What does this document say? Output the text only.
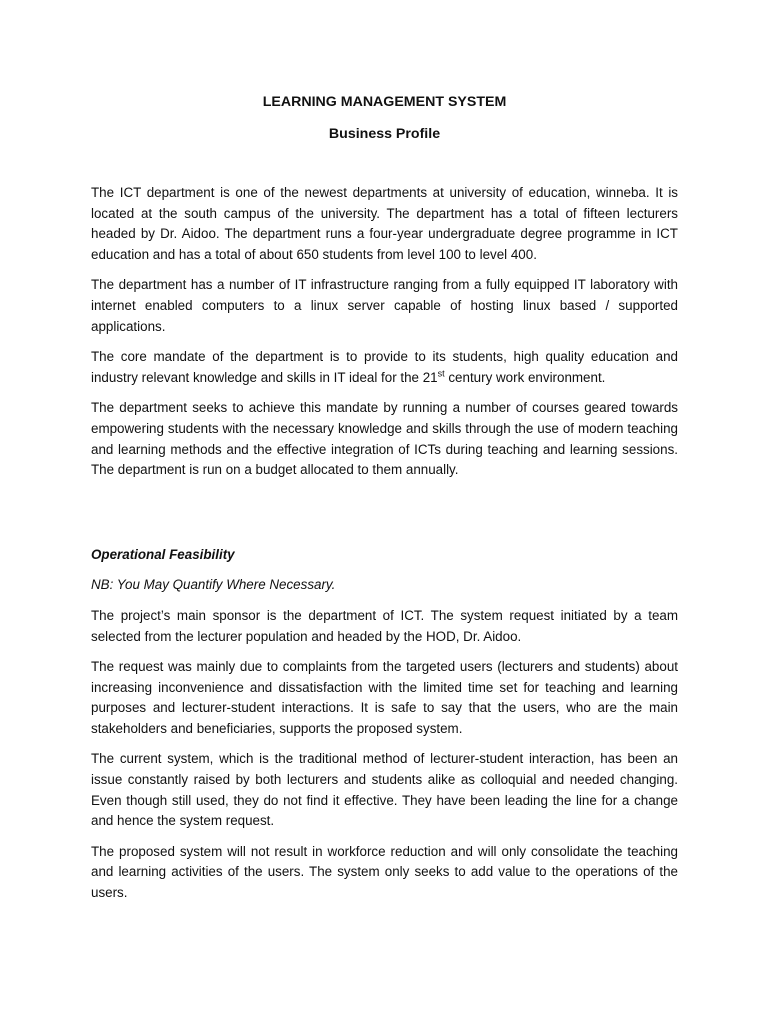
LEARNING MANAGEMENT SYSTEM
Business Profile

The ICT department is one of the newest departments at university of education, winneba. It is located at the south campus of the university. The department has a total of fifteen lecturers headed by Dr. Aidoo. The department runs a four-year undergraduate degree programme in ICT education and has a total of about 650 students from level 100 to level 400.

The department has a number of IT infrastructure ranging from a fully equipped IT laboratory with internet enabled computers to a linux server capable of hosting linux based / supported applications.

The core mandate of the department is to provide to its students, high quality education and industry relevant knowledge and skills in IT ideal for the 21st century work environment.

The department seeks to achieve this mandate by running a number of courses geared towards empowering students with the necessary knowledge and skills through the use of modern teaching and learning methods and the effective integration of ICTs during teaching and learning sessions. The department is run on a budget allocated to them annually.

Operational Feasibility

NB: You May Quantify Where Necessary.

The project’s main sponsor is the department of ICT. The system request initiated by a team selected from the lecturer population and headed by the HOD, Dr. Aidoo.

The request was mainly due to complaints from the targeted users (lecturers and students) about increasing inconvenience and dissatisfaction with the limited time set for teaching and learning purposes and lecturer-student interactions. It is safe to say that the users, who are the main stakeholders and beneficiaries, supports the proposed system.

The current system, which is the traditional method of lecturer-student interaction, has been an issue constantly raised by both lecturers and students alike as colloquial and needed changing. Even though still used, they do not find it effective. They have been leading the line for a change and hence the system request.

The proposed system will not result in workforce reduction and will only consolidate the teaching and learning activities of the users. The system only seeks to add value to the operations of the users.
